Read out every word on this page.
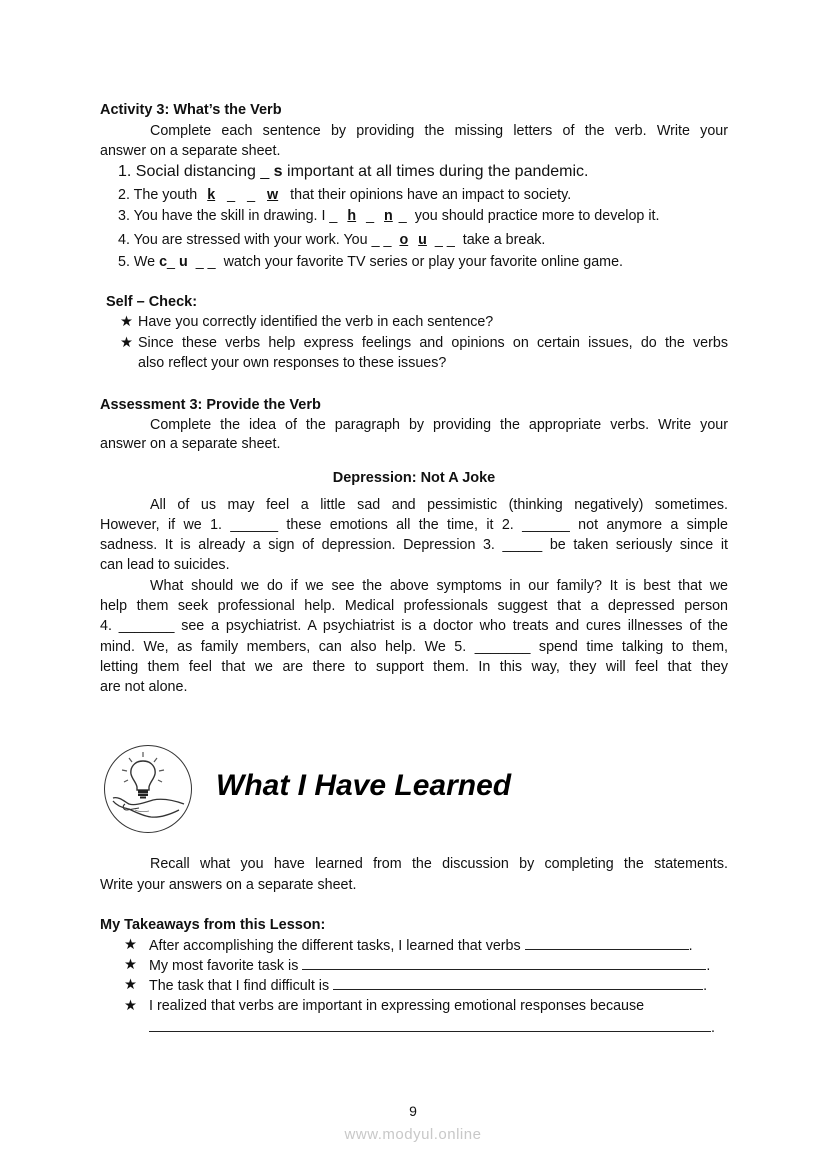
Activity 3: What’s the Verb
Complete each sentence by providing the missing letters of the verb. Write your
answer on a separate sheet.
1. Social distancing _ s important at all times during the pandemic.
2. The youth k _ _ w that their opinions have an impact to society.
3. You have the skill in drawing. I _ h _ n _ you should practice more to develop it.
4. You are stressed with your work. You _ _ o u _ _ take a break.
5. We c_ u _ _ watch your favorite TV series or play your favorite online game.
Self – Check:
★ Have you correctly identified the verb in each sentence?
★ Since these verbs help express feelings and opinions on certain issues, do the verbs
also reflect your own responses to these issues?
Assessment 3: Provide the Verb
Complete the idea of the paragraph by providing the appropriate verbs. Write your
answer on a separate sheet.
Depression: Not A Joke
All of us may feel a little sad and pessimistic (thinking negatively) sometimes.
However, if we 1. ______ these emotions all the time, it 2. ______ not anymore a simple
sadness. It is already a sign of depression. Depression 3. _____ be taken seriously since it
can lead to suicides.
What should we do if we see the above symptoms in our family? It is best that we
help them seek professional help. Medical professionals suggest that a depressed person
4. _______ see a psychiatrist. A psychiatrist is a doctor who treats and cures illnesses of the
mind. We, as family members, can also help. We 5. _______ spend time talking to them,
letting them feel that we are there to support them. In this way, they will feel that they
are not alone.
What I Have Learned
Recall what you have learned from the discussion by completing the statements.
Write your answers on a separate sheet.
My Takeaways from this Lesson:
★ After accomplishing the different tasks, I learned that verbs	.
★ My most favorite task is	.
★ The task that I find difficult is	.
★ I realized that verbs are important in expressing emotional responses because
.
9
www.modyul.online
